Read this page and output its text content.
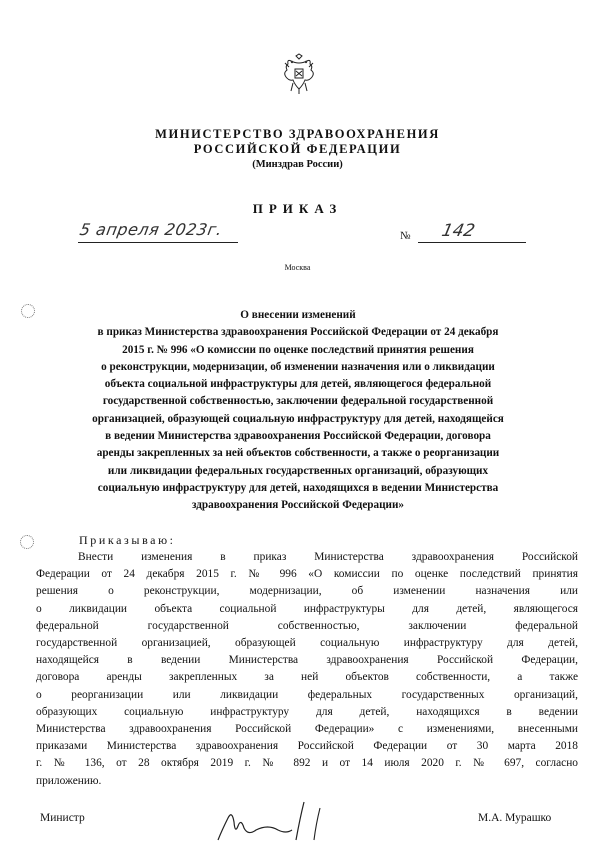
МИНИСТЕРСТВО ЗДРАВООХРАНЕНИЯ
РОССИЙСКОЙ ФЕДЕРАЦИИ
(Минздрав России)
ПРИКАЗ
5 апреля 2023г.	№ 142
Москва
О внесении изменений
в приказ Министерства здравоохранения Российской Федерации от 24 декабря
2015 г. № 996 «О комиссии по оценке последствий принятия решения
о реконструкции, модернизации, об изменении назначения или о ликвидации
объекта социальной инфраструктуры для детей, являющегося федеральной
государственной собственностью, заключении федеральной государственной
организацией, образующей социальную инфраструктуру для детей, находящейся
в ведении Министерства здравоохранения Российской Федерации, договора
аренды закрепленных за ней объектов собственности, а также о реорганизации
или ликвидации федеральных государственных организаций, образующих
социальную инфраструктуру для детей, находящихся в ведении Министерства
здравоохранения Российской Федерации»
Приказываю:
Внести изменения в приказ Министерства здравоохранения Российской
Федерации от 24 декабря 2015 г. № 996 «О комиссии по оценке последствий принятия
решения о реконструкции, модернизации, об изменении назначения или
о ликвидации объекта социальной инфраструктуры для детей, являющегося
федеральной государственной собственностью, заключении федеральной
государственной организацией, образующей социальную инфраструктуру для детей,
находящейся в ведении Министерства здравоохранения Российской Федерации,
договора аренды закрепленных за ней объектов собственности, а также
о реорганизации или ликвидации федеральных государственных организаций,
образующих социальную инфраструктуру для детей, находящихся в ведении
Министерства здравоохранения Российской Федерации» с изменениями, внесенными
приказами Министерства здравоохранения Российской Федерации от 30 марта 2018
г. № 136, от 28 октября 2019 г. № 892 и от 14 июля 2020 г. № 697, согласно
приложению.
Министр	М.А. Мурашко
